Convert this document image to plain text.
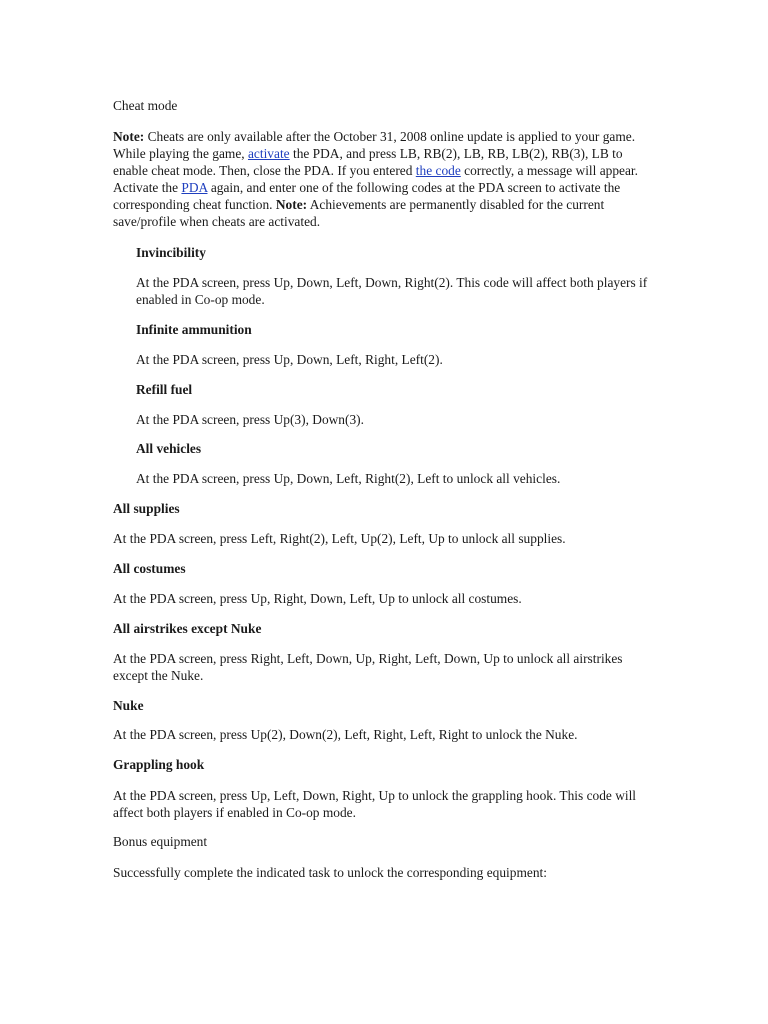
Cheat mode

Note: Cheats are only available after the October 31, 2008 online update is applied to your game. While playing the game, activate the PDA, and press LB, RB(2), LB, RB, LB(2), RB(3), LB to enable cheat mode. Then, close the PDA. If you entered the code correctly, a message will appear. Activate the PDA again, and enter one of the following codes at the PDA screen to activate the corresponding cheat function. Note: Achievements are permanently disabled for the current save/profile when cheats are activated.

Invincibility

At the PDA screen, press Up, Down, Left, Down, Right(2). This code will affect both players if enabled in Co-op mode.

Infinite ammunition

At the PDA screen, press Up, Down, Left, Right, Left(2).

Refill fuel

At the PDA screen, press Up(3), Down(3).

All vehicles

At the PDA screen, press Up, Down, Left, Right(2), Left to unlock all vehicles.

All supplies

At the PDA screen, press Left, Right(2), Left, Up(2), Left, Up to unlock all supplies.

All costumes

At the PDA screen, press Up, Right, Down, Left, Up to unlock all costumes.

All airstrikes except Nuke

At the PDA screen, press Right, Left, Down, Up, Right, Left, Down, Up to unlock all airstrikes except the Nuke.

Nuke

At the PDA screen, press Up(2), Down(2), Left, Right, Left, Right to unlock the Nuke.

Grappling hook

At the PDA screen, press Up, Left, Down, Right, Up to unlock the grappling hook. This code will affect both players if enabled in Co-op mode.

Bonus equipment

Successfully complete the indicated task to unlock the corresponding equipment:
